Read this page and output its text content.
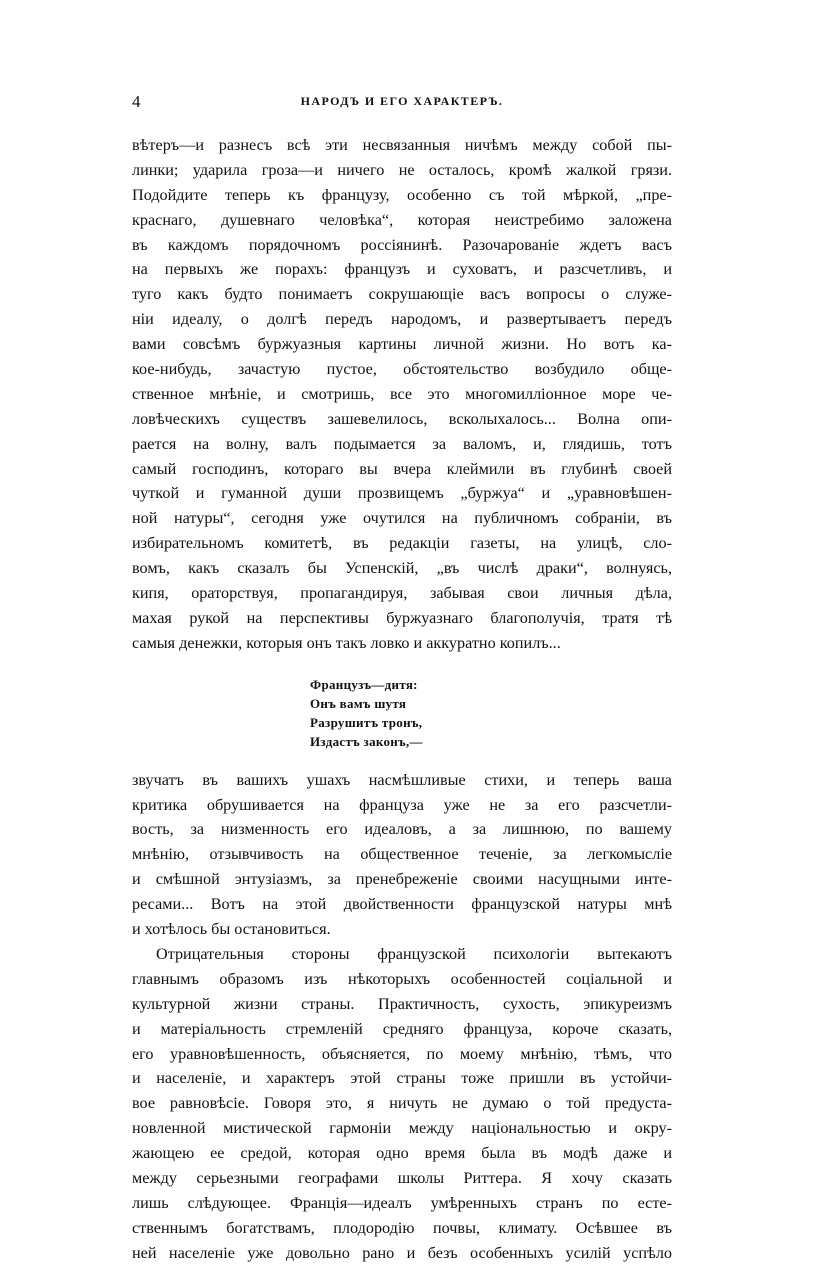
4	НАРОДЪ И ЕГО ХАРАКТЕРЪ.
вѣтеръ—и разнесъ всѣ эти несвязанныя ничѣмъ между собой пы-
линки; ударила гроза—и ничего не осталось, кромѣ жалкой грязи.
Подойдите теперь къ французу, особенно съ той мѣркой, „пре-
краснаго, душевнаго человѣка“, которая неистребимо заложена
въ каждомъ порядочномъ россіянинѣ. Разочарованіе ждетъ васъ
на первыхъ же порахъ: французъ и суховатъ, и разсчетливъ, и
туго какъ будто понимаетъ сокрушающіе васъ вопросы о служе-
ніи идеалу, о долгѣ передъ народомъ, и развертываетъ передъ
вами совсѣмъ буржуазныя картины личной жизни. Но вотъ ка-
кое-нибудь, зачастую пустое, обстоятельство возбудило обще-
ственное мнѣніе, и смотришь, все это многомилліонное море че-
ловѣческихъ существъ зашевелилось, всколыхалось... Волна опи-
рается на волну, валъ подымается за валомъ, и, глядишь, тотъ
самый господинъ, котораго вы вчера клеймили въ глубинѣ своей
чуткой и гуманной души прозвищемъ „буржуа“ и „уравновѣшен-
ной натуры“, сегодня уже очутился на публичномъ собраніи, въ
избирательномъ комитетѣ, въ редакціи газеты, на улицѣ, сло-
вомъ, какъ сказалъ бы Успенскій, „въ числѣ драки“, волнуясь,
кипя, ораторствуя, пропагандируя, забывая свои личныя дѣла,
махая рукой на перспективы буржуазнаго благополучія, тратя тѣ
самыя денежки, которыя онъ такъ ловко и аккуратно копилъ...
Французъ—дитя:
Онъ вамъ шутя
Разрушитъ тронъ,
Издастъ законъ,—
звучатъ въ вашихъ ушахъ насмѣшливые стихи, и теперь ваша
критика обрушивается на француза уже не за его разсчетли-
вость, за низменность его идеаловъ, а за лишнюю, по вашему
мнѣнію, отзывчивость на общественное теченіе, за легкомысліе
и смѣшной энтузіазмъ, за пренебреженіе своими насущными инте-
ресами... Вотъ на этой двойственности французской натуры мнѣ
и хотѣлось бы остановиться.
Отрицательныя стороны французской психологіи вытекаютъ
главнымъ образомъ изъ нѣкоторыхъ особенностей соціальной и
культурной жизни страны. Практичность, сухость, эпикуреизмъ
и матеріальность стремленій средняго француза, короче сказать,
его уравновѣшенность, объясняется, по моему мнѣнію, тѣмъ, что
и населеніе, и характеръ этой страны тоже пришли въ устойчи-
вое равновѣсіе. Говоря это, я ничуть не думаю о той предуста-
новленной мистической гармоніи между національностью и окру-
жающею ее средой, которая одно время была въ модѣ даже и
между серьезными географами школы Риттера. Я хочу сказать
лишь слѣдующее. Франція—идеалъ умѣренныхъ странъ по есте-
ственнымъ богатствамъ, плодородію почвы, климату. Осѣвшее въ
ней населеніе уже довольно рано и безъ особенныхъ усилій успѣло
